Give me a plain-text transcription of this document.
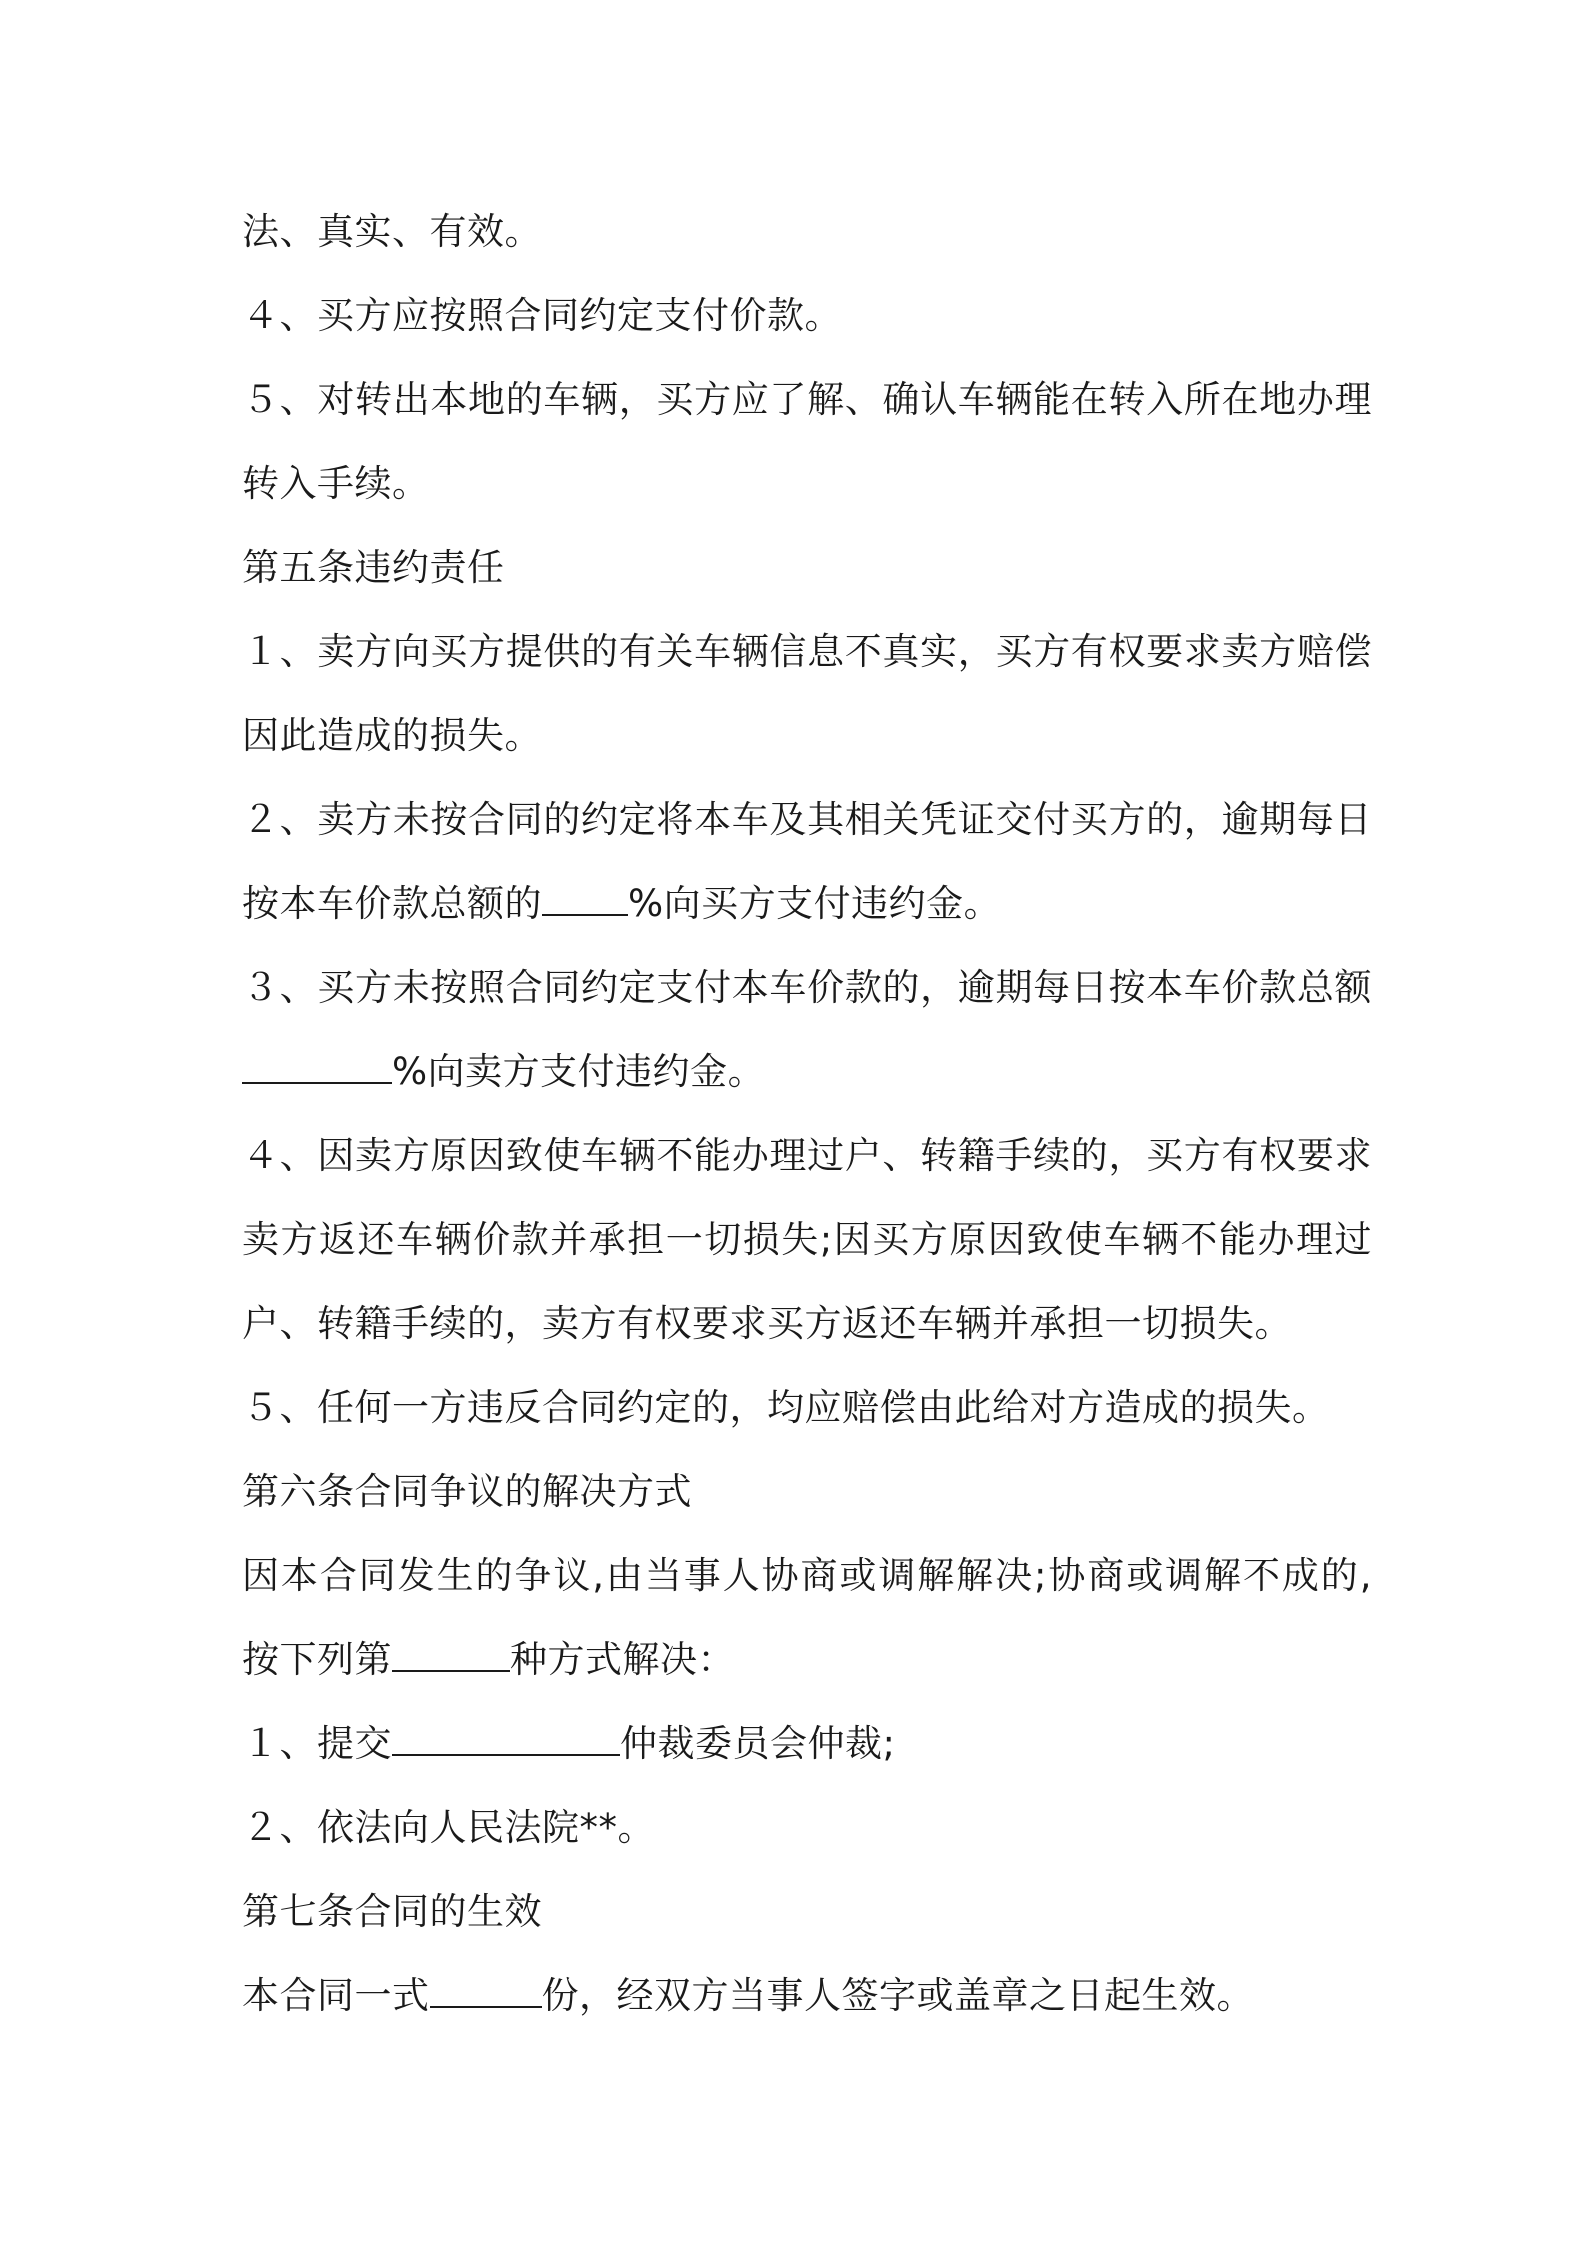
法、真实、有效。
４、买方应按照合同约定支付价款。
５、对转出本地的车辆，买方应了解、确认车辆能在转入所在地办理
转入手续。
第五条违约责任
１、卖方向买方提供的有关车辆信息不真实，买方有权要求卖方赔偿
因此造成的损失。
２、卖方未按合同的约定将本车及其相关凭证交付买方的，逾期每日
按本车价款总额的 %向买方支付违约金。
３、买方未按照合同约定支付本车价款的，逾期每日按本车价款总额
%向卖方支付违约金。
４、因卖方原因致使车辆不能办理过户、转籍手续的，买方有权要求
卖方返还车辆价款并承担一切损失;因买方原因致使车辆不能办理过
户、转籍手续的，卖方有权要求买方返还车辆并承担一切损失。
５、任何一方违反合同约定的，均应赔偿由此给对方造成的损失。
第六条合同争议的解决方式
因本合同发生的争议,由当事人协商或调解解决;协商或调解不成的,
按下列第	种方式解决：
１、提交	仲裁委员会仲裁;
２、依法向人民法院**。
第七条合同的生效
本合同一式	份，经双方当事人签字或盖章之日起生效。
